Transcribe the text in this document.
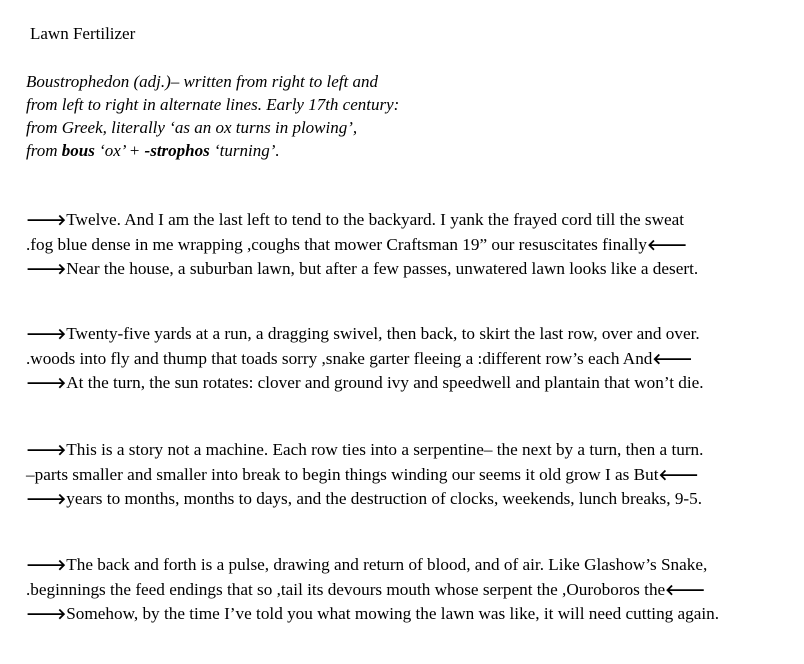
Lawn Fertilizer
Boustrophedon (adj.)– written from right to left and
from left to right in alternate lines. Early 17th century:
from Greek, literally ‘as an ox turns in plowing’,
from bous ‘ox’ + -strophos ‘turning’.
🡒Twelve. And I am the last left to tend to the backyard. I yank the frayed cord till the sweat
.fog blue dense in me wrapping ,coughs that mower Craftsman 19” our resuscitates finally🡐
🡒Near the house, a suburban lawn, but after a few passes, unwatered lawn looks like a desert.
🡒Twenty-five yards at a run, a dragging swivel, then back, to skirt the last row, over and over.
.woods into fly and thump that toads sorry ,snake garter fleeing a :different row’s each And🡐
🡒At the turn, the sun rotates: clover and ground ivy and speedwell and plantain that won’t die.
🡒This is a story not a machine. Each row ties into a serpentine– the next by a turn, then a turn.
–parts smaller and smaller into break to begin things winding our seems it old grow I as But🡐
🡒years to months, months to days, and the destruction of clocks, weekends, lunch breaks, 9-5.
🡒The back and forth is a pulse, drawing and return of blood, and of air. Like Glashow’s Snake,
.beginnings the feed endings that so ,tail its devours mouth whose serpent the ,Ouroboros the🡐
🡒Somehow, by the time I’ve told you what mowing the lawn was like, it will need cutting again.
